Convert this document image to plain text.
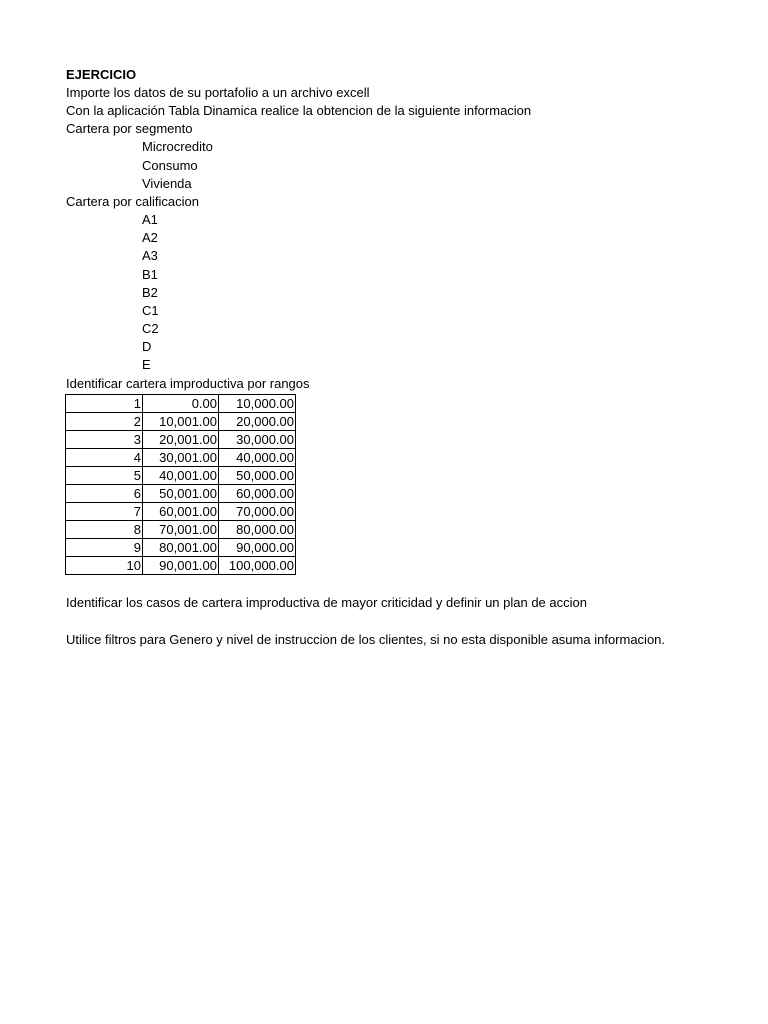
EJERCICIO
Importe los datos de su portafolio a un archivo excell
Con la aplicación Tabla Dinamica realice la obtencion de la siguiente informacion
Cartera por segmento
Microcredito
Consumo
Vivienda
Cartera por calificacion
A1
A2
A3
B1
B2
C1
C2
D
E
Identificar cartera improductiva por rangos
1	0.00	10,000.00
2	10,001.00	20,000.00
3	20,001.00	30,000.00
4	30,001.00	40,000.00
5	40,001.00	50,000.00
6	50,001.00	60,000.00
7	60,001.00	70,000.00
8	70,001.00	80,000.00
9	80,001.00	90,000.00
10	90,001.00	100,000.00
Identificar los casos de cartera improductiva de mayor criticidad y definir un plan de accion
Utilice filtros para Genero y nivel de instruccion de los clientes, si no esta disponible asuma informacion.
